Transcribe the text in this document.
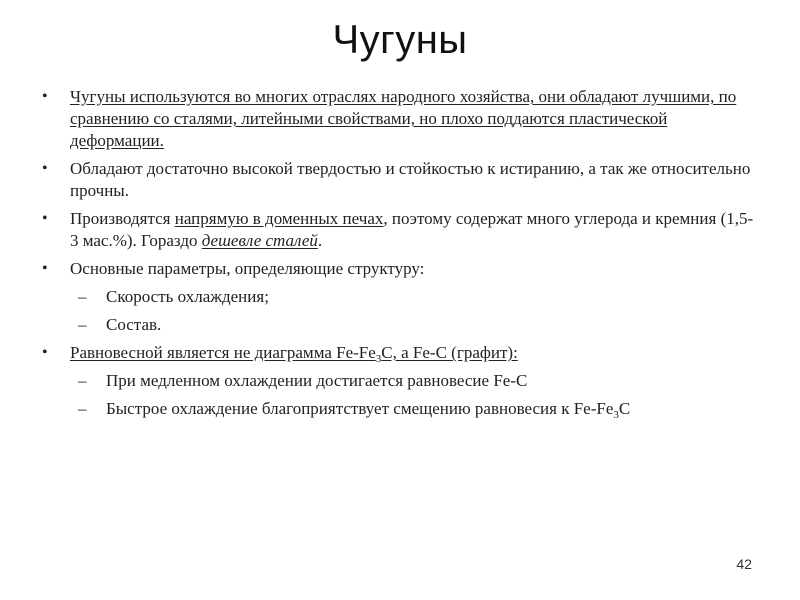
Чугуны
•	Чугуны используются во многих отраслях народного хозяйства, они обладают лучшими, по сравнению со сталями, литейными свойствами, но плохо поддаются пластической деформации.
•	Обладают достаточно высокой твердостью и стойкостью к истиранию, а так же относительно прочны.
•	Производятся напрямую в доменных печах, поэтому содержат много углерода и кремния (1,5-3 мас.%). Гораздо дешевле сталей.
•	Основные параметры, определяющие структуру:
–	Скорость охлаждения;
–	Состав.
•	Равновесной является не диаграмма $Fe-Fe_3C$, а Fe-C (графит):
–	При медленном охлаждении достигается равновесие Fe-C
–	Быстрое охлаждение благоприятствует смещению равновесия к $Fe-Fe_3C$
42
